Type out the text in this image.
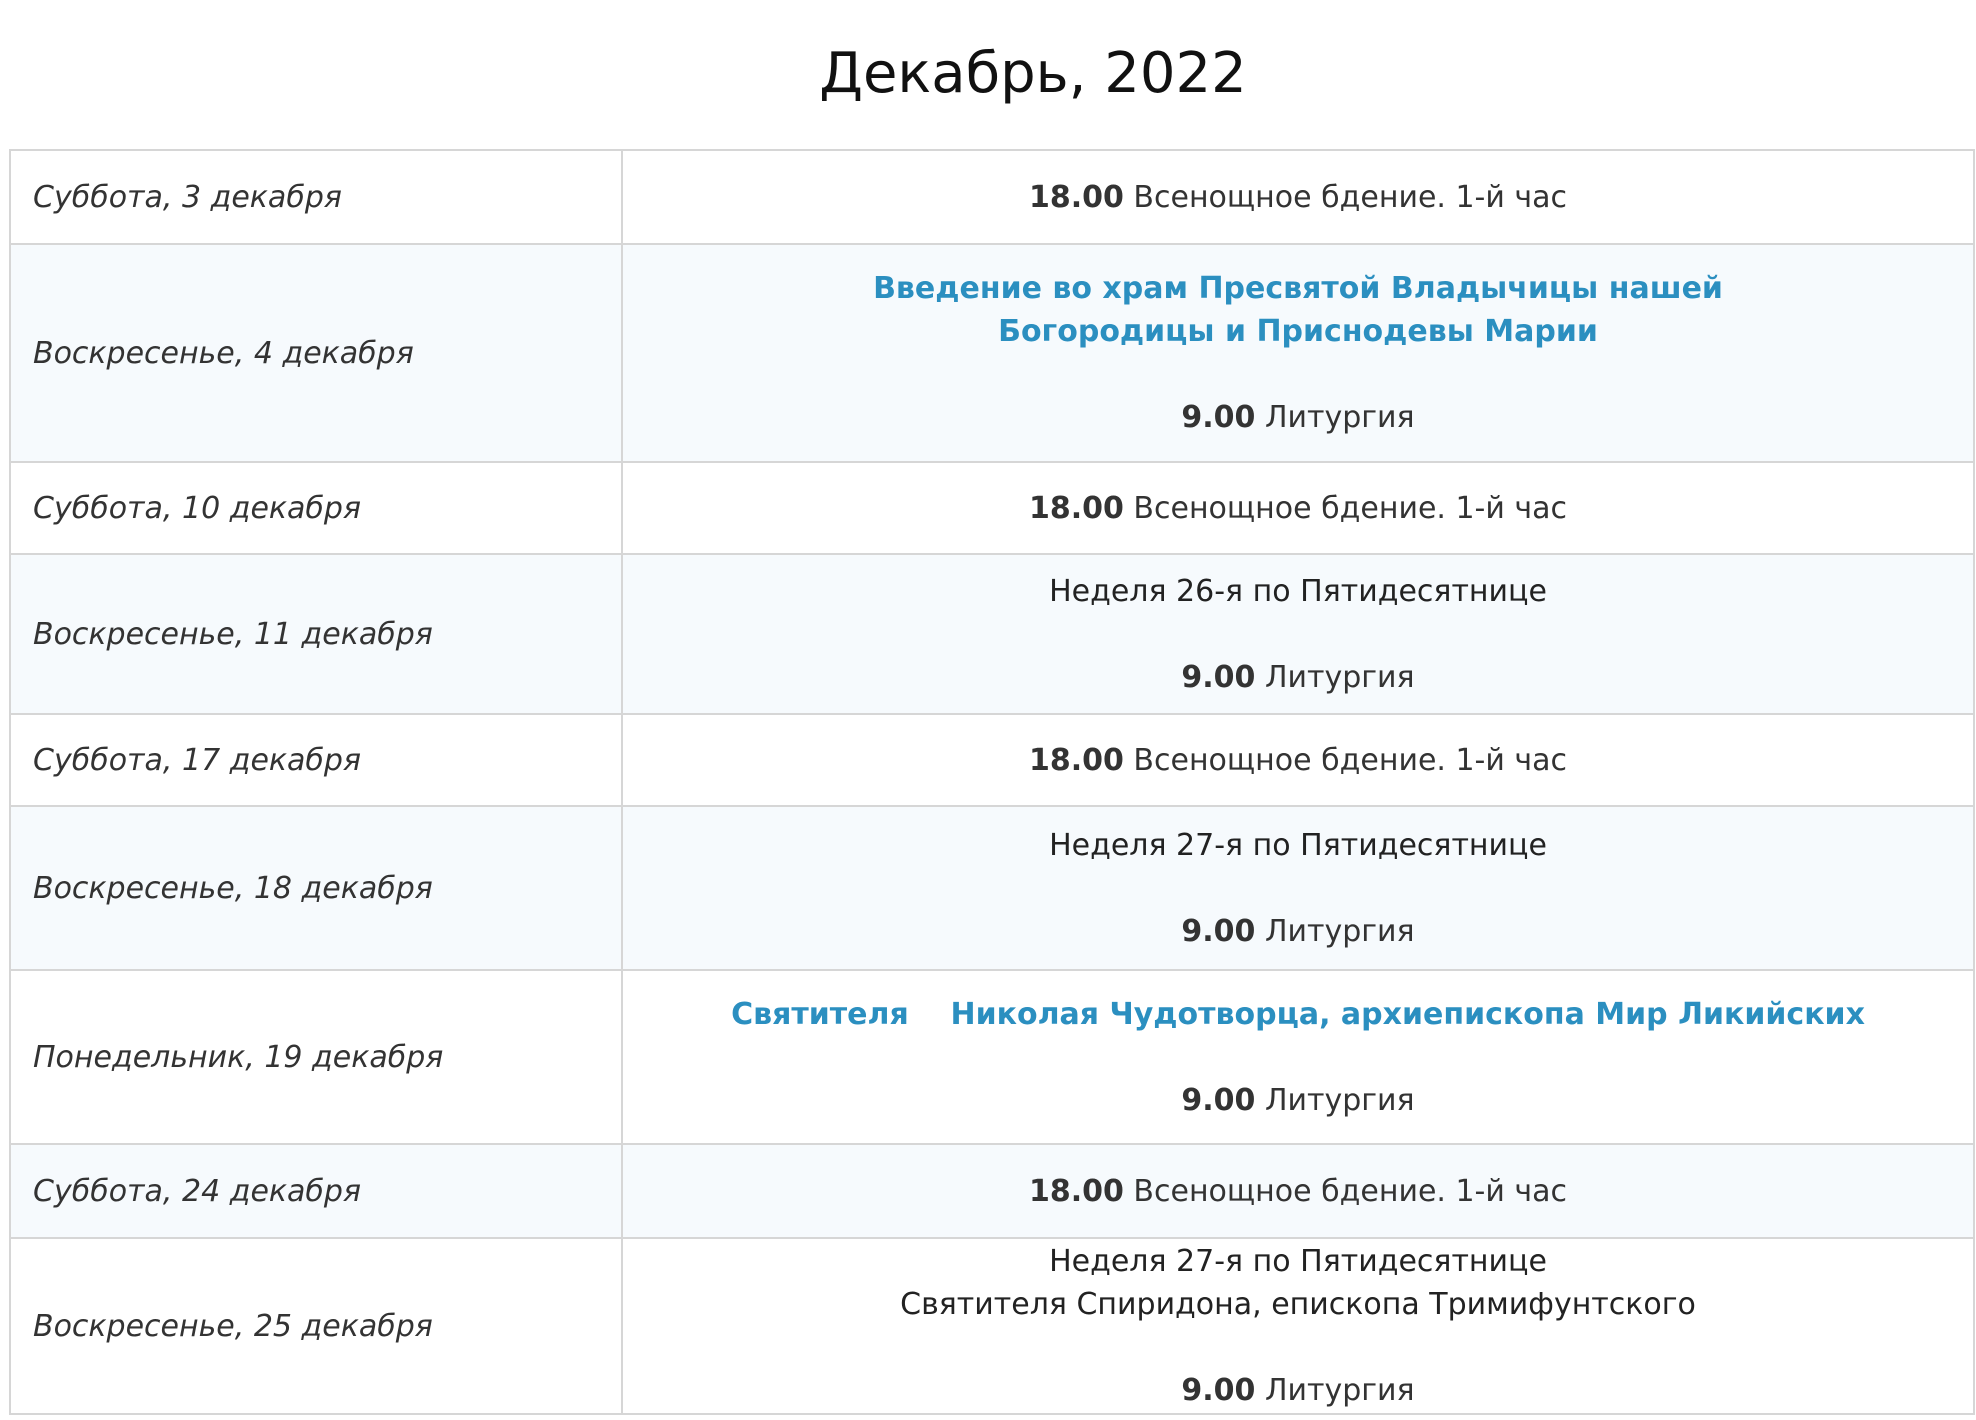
Декабрь, 2022
Суббота, 3 декабря	18.00 Всенощное бдение. 1-й час
Воскресенье, 4 декабря	Введение во храм Пресвятой Владычицы нашей
Богородицы и Приснодевы Марии
9.00 Литургия

Суббота, 10 декабря	18.00 Всенощное бдение. 1-й час
Воскресенье, 11 декабря	Неделя 26-я по Пятидесятнице
9.00 Литургия

Суббота, 17 декабря	18.00 Всенощное бдение. 1-й час
Воскресенье, 18 декабря	Неделя 27-я по Пятидесятнице
9.00 Литургия

Понедельник, 19 декабря	Святителя    Николая Чудотворца, архиепископа Мир Ликийских
9.00 Литургия

Суббота, 24 декабря	18.00 Всенощное бдение. 1-й час
Воскресенье, 25 декабря	Неделя 27-я по Пятидесятнице
Святителя Спиридона, епископа Тримифунтского
9.00 Литургия
